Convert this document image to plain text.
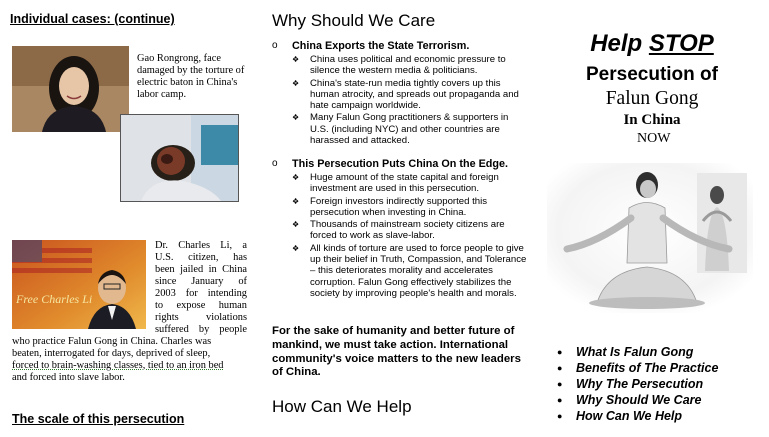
Individual cases: (continue)
Gao Rongrong, face damaged by the torture of electric baton in China's labor camp.
Free Charles Li
Dr. Charles Li, a
U.S. citizen, has
been jailed in China
since January of
2003 for intending
to expose human
rights violations
suffered by people
who practice Falun Gong in China. Charles was
beaten, interrogated for days, deprived of sleep,
forced to brain-washing classes, tied to an iron bed
and forced into slave labor.
The scale of this persecution
Why Should We Care
o China Exports the State Terrorism.
❖ China uses political and economic pressure to silence the western media & politicians.
❖ China's state-run media tightly covers up this human atrocity, and spreads out propaganda and hate campaign worldwide.
❖ Many Falun Gong practitioners & supporters in U.S. (including NYC) and other countries are harassed and attacked.
o This Persecution Puts China On the Edge.
❖ Huge amount of the state capital and foreign investment are used in this persecution.
❖ Foreign investors indirectly supported this persecution when investing in China.
❖ Thousands of mainstream society citizens are forced to work as slave-labor.
❖ All kinds of torture are used to force people to give up their belief in Truth, Compassion, and Tolerance – this deteriorates morality and accelerates corruption. Falun Gong effectively stabilizes the society by improving people's health and morals.
For the sake of humanity and better future of mankind, we must take action. International community's voice matters to the new leaders of China.
How Can We Help
Help STOP
Persecution of
Falun Gong
In China
NOW
● What Is Falun Gong
● Benefits of The Practice
● Why The Persecution
● Why Should We Care
● How Can We Help
